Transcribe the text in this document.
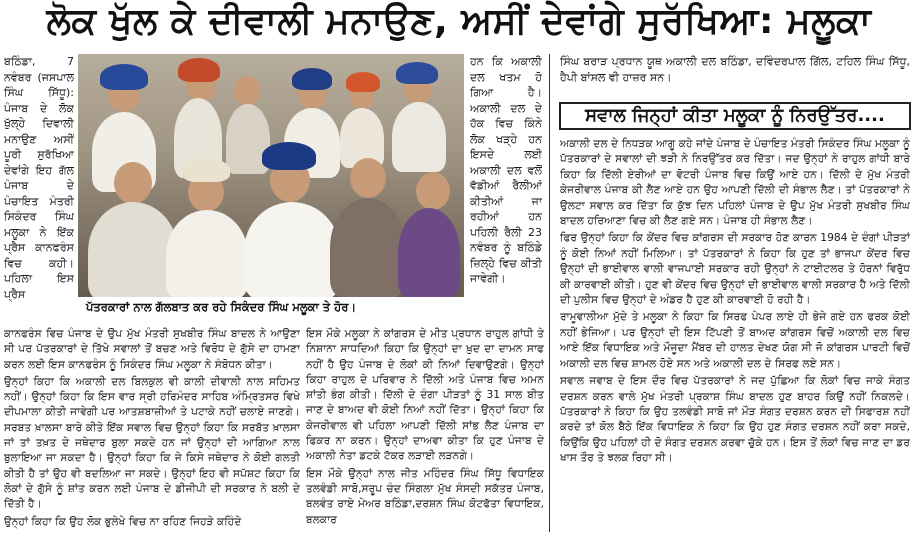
ਲੋਕ ਖੁੱਲ ਕੇ ਦੀਵਾਲੀ ਮਨਾਉਣ, ਅਸੀਂ ਦੇਵਾਂਗੇ ਸੁਰੱਖਿਆ: ਮਲੂਕਾ

ਬਠਿੰਡਾ, 7 ਨਵੰਬਰ (ਜਸਪਾਲ ਸਿੰਘ ਸਿੱਧੂ): ਪੰਜਾਬ ਦੇ ਲੋਕ ਖੁੱਲ੍ਹੇ ਦਿਵਾਲੀ ਮਨਾਉਣ ਅਸੀਂ ਪੂਰੀ ਸੁਰੱਖਿਆ ਦੇਵਾਂਗੇ ਇਹ ਗੱਲ ਪੰਜਾਬ ਦੇ ਪੰਚਾਇਤ ਮੰਤਰੀ ਸਿਕੰਦਰ ਸਿੰਘ ਮਲੂਕਾ ਨੇ ਇੱਕ ਪ੍ਰੈਸ ਕਾਨਫਰੰਸ ਵਿਚ ਕਹੀ। ਪਹਿਲਾ ਇਸ ਪ੍ਰੈਸ

ਪੱਤਰਕਾਰਾਂ ਨਾਲ ਗੱਲਬਾਤ ਕਰ ਰਹੇ ਸਿਕੰਦਰ ਸਿੰਘ ਮਲੂਕਾ ਤੇ ਹੋਰ।

ਹਨ ਕਿ ਅਕਾਲੀ ਦਲ ਖਤਮ ਹੋ ਗਿਆ ਹੈ। ਅਕਾਲੀ ਦਲ ਦੇ ਹੱਕ ਵਿਚ ਕਿੰਨੇ ਲੋਕ ਖੜ੍ਹੇ ਹਨ ਇਸਦੇ ਲਈ ਅਕਾਲੀ ਦਲ ਵਲੋਂ ਵੱਡੀਆਂ ਰੈਲੀਆਂ ਕੀਤੀਆਂ ਜਾ ਰਹੀਆਂ ਹਨ ਪਹਿਲੀ ਰੈਲੀ 23 ਨਵੰਬਰ ਨੂੰ ਬਠਿੰਡੇ ਜ਼ਿਲ੍ਹੇ ਵਿਚ ਕੀਤੀ ਜਾਵੇਗੀ।

ਸਿੰਘ ਬਰਾੜ ਪ੍ਰਧਾਨ ਯੂਥ ਅਕਾਲੀ ਦਲ ਬਠਿੰਡਾ, ਦਵਿੰਦਰਪਾਲ ਗਿੱਲ, ਟਹਿਲ ਸਿੰਘ ਸਿੱਧੂ, ਹੈਪੀ ਬਾਂਸਲ ਵੀ ਹਾਜ਼ਰ ਸਨ।

ਸਵਾਲ ਜਿਨ੍ਹਾਂ ਕੀਤਾ ਮਲੂਕਾ ਨੂੰ ਨਿਰਉੱਤਰ....

ਅਕਾਲੀ ਦਲ ਦੇ ਨਿਧੜਕ ਆਗੂ ਕਹੇ ਜਾਂਦੇ ਪੰਜਾਬ ਦੇ ਪੰਚਾਇਤ ਮੰਤਰੀ ਸਿਕੰਦਰ ਸਿੰਘ ਮਲੂਕਾ ਨੂੰ ਪੱਤਰਕਾਰਾਂ ਦੇ ਸਵਾਲਾਂ ਦੀ ਝੜੀ ਨੇ ਨਿਰਉੱਤਰ ਕਰ ਦਿੱਤਾ। ਜਦ ਉਨ੍ਹਾਂ ਨੇ ਰਾਹੁਲ ਗਾਂਧੀ ਬਾਰੇ ਕਿਹਾ ਕਿ ਦਿੱਲੀ ਏਰੀਆਂ ਦਾ ਵੋਟਰੀ ਪੰਜਾਬ ਵਿਚ ਕਿਉਂ ਆਏ ਹਨ। ਦਿੱਲੀ ਦੇ ਮੁੱਖ ਮੰਤਰੀ ਕੇਜਰੀਵਾਲ ਪੰਜਾਬ ਕੀ ਲੈਣ ਆਏ ਹਨ ਉਹ ਆਪਣੀ ਦਿੱਲੀ ਦੀ ਸੰਭਾਲ ਲੈਣ। ਤਾਂ ਪੱਤਰਕਾਰਾਂ ਨੇ ਉਲਟਾ ਸਵਾਲ ਕਰ ਦਿੱਤਾ ਕਿ ਕੁੱਝ ਦਿਨ ਪਹਿਲਾਂ ਪੰਜਾਬ ਦੇ ਉਪ ਮੁੱਖ ਮੰਤਰੀ ਸੁਖਬੀਰ ਸਿੰਘ ਬਾਦਲ ਹਰਿਆਣਾ ਵਿਚ ਕੀ ਲੈਣ ਗਏ ਸਨ। ਪੰਜਾਬ ਹੀ ਸੰਭਾਲ ਲੈਣ।

ਫਿਰ ਉਨ੍ਹਾਂ ਕਿਹਾ ਕਿ ਕੇਂਦਰ ਵਿਚ ਕਾਂਗਰਸ ਦੀ ਸਰਕਾਰ ਹੋਣ ਕਾਰਨ 1984 ਦੇ ਦੰਗਾਂ ਪੀੜਤਾਂ ਨੂੰ ਕੋਈ ਨਿਆਂ ਨਹੀਂ ਮਿਲਿਆ। ਤਾਂ ਪੱਤਰਕਾਰਾਂ ਨੇ ਕਿਹਾ ਕਿ ਹੁਣ ਤਾਂ ਭਾਜਪਾ ਕੇਂਦਰ ਵਿਚ ਉਨ੍ਹਾਂ ਦੀ ਭਾਈਵਾਲ ਵਾਲੀ ਵਾਜਪਾਈ ਸਰਕਾਰ ਰਹੀ ਉਨ੍ਹਾਂ ਨੇ ਟਾਈਟਲਰ ਤੇ ਹੋਰਨਾਂ ਵਿਰੁੱਧ ਕੀ ਕਾਰਵਾਈ ਕੀਤੀ। ਹੁਣ ਵੀ ਕੇਂਦਰ ਵਿਚ ਉਨ੍ਹਾਂ ਦੀ ਭਾਈਵਾਲ ਵਾਲੀ ਸਰਕਾਰ ਹੈ ਅਤੇ ਦਿੱਲੀ ਦੀ ਪੁਲੀਸ ਵਿਚ ਉਨ੍ਹਾਂ ਦੇ ਅੰਡਰ ਹੈ ਹੁਣ ਕੀ ਕਾਰਵਾਈ ਹੋ ਰਹੀ ਹੈ।

ਰਾਮੂਵਾਲੀਆ ਮੁੱਦੇ ਤੇ ਮਲੂਕਾ ਨੇ ਕਿਹਾ ਕਿ ਸਿਰਫ ਪੇਪਰ ਲਾਏ ਹੀ ਭੇਜੇ ਗਏ ਹਨ ਫਰਕ ਕੋਈ ਨਹੀਂ ਭੇਜਿਆ। ਪਰ ਉਨ੍ਹਾਂ ਦੀ ਇਸ ਟਿੱਪਣੀ ਤੋਂ ਬਾਅਦ ਕਾਂਗਰਸ ਵਿਚੋਂ ਅਕਾਲੀ ਦਲ ਵਿਚ ਆਏ ਇੱਕ ਵਿਧਾਇਕ ਅਤੇ ਮੌਜੂਦਾ ਮੈਂਬਰ ਦੀ ਹਾਲਤ ਦੇਖਣ ਯੋਗ ਸੀ ਜੋ ਕਾਂਗਰਸ ਪਾਰਟੀ ਵਿਚੋਂ ਅਕਾਲੀ ਦਲ ਵਿਚ ਸ਼ਾਮਲ ਹੋਏ ਸਨ ਅਤੇ ਅਕਾਲੀ ਦਲ ਦੇ ਸਿਰਫ ਲਏ ਸਨ।

ਸਵਾਲ ਜਵਾਬ ਦੇ ਇਸ ਦੌਰ ਵਿਚ ਪੱਤਰਕਾਰਾਂ ਨੇ ਜਦ ਪੁੱਛਿਆ ਕਿ ਲੋਕਾਂ ਵਿਚ ਜਾਕੇ ਸੰਗਤ ਦਰਸ਼ਨ ਕਰਨ ਵਾਲੇ ਮੁੱਖ ਮੰਤਰੀ ਪ੍ਰਕਾਸ਼ ਸਿੰਘ ਬਾਦਲ ਹੁਣ ਬਾਹਰ ਕਿਉਂ ਨਹੀਂ ਨਿਕਲਦੇ। ਪੱਤਰਕਾਰਾਂ ਨੇ ਕਿਹਾ ਕਿ ਉਹ ਤਲਵੰਡੀ ਸਾਬੋ ਜਾਂ ਮੌੜ ਸੰਗਤ ਦਰਸ਼ਨ ਕਰਨ ਦੀ ਸਿਫਾਰਸ਼ ਨਹੀਂ ਕਰਦੇ ਤਾਂ ਕੋਲ ਬੈਠੇ ਇੱਕ ਵਿਧਾਇਕ ਨੇ ਕਿਹਾ ਕਿ ਉਹ ਹੁਣ ਸੰਗਤ ਦਰਸ਼ਨ ਨਹੀਂ ਕਰਾ ਸਕਦੇ, ਕਿਉਂਕਿ ਉਹ ਪਹਿਲਾਂ ਹੀ ਦੋ ਸੰਗਤ ਦਰਸ਼ਨ ਕਰਵਾ ਚੁੱਕੇ ਹਨ। ਇਸ ਤੋਂ ਲੋਕਾਂ ਵਿਚ ਜਾਣ ਦਾ ਡਰ ਖਾਸ ਤੌਰ ਤੇ ਝਲਕ ਰਿਹਾ ਸੀ।

ਕਾਨਫਰੰਸ ਵਿਚ ਪੰਜਾਬ ਦੇ ਉਪ ਮੁੱਖ ਮੰਤਰੀ ਸੁਖਬੀਰ ਸਿੰਘ ਬਾਦਲ ਨੇ ਆਉਣਾ ਸੀ ਪਰ ਪੱਤਰਕਾਰਾਂ ਦੇ ਤਿੱਖੇ ਸਵਾਲਾਂ ਤੋਂ ਬਚਣ ਅਤੇ ਵਿਰੋਧ ਦੇ ਗੁੱਸੇ ਦਾ ਹਾਮਣਾ ਕਰਨ ਲਈ ਇਸ ਕਾਨਫਰੰਸ ਨੂੰ ਸਿਕੰਦਰ ਸਿੰਘ ਮਲੂਕਾ ਨੇ ਸੰਬੋਧਨ ਕੀਤਾ।

ਉਨ੍ਹਾਂ ਕਿਹਾ ਕਿ ਅਕਾਲੀ ਦਲ ਬਿਲਕੁਲ ਵੀ ਕਾਲੀ ਦੀਵਾਲੀ ਨਾਲ ਸਹਿਮਤ ਨਹੀਂ। ਉਨ੍ਹਾਂ ਕਿਹਾ ਕਿ ਇਸ ਵਾਰ ਸ੍ਰੀ ਹਰਿਮੰਦਰ ਸਾਹਿਬ ਅੰਮ੍ਰਿਤਸਰ ਵਿਖੇ ਦੀਪਮਾਲਾ ਕੀਤੀ ਜਾਵੇਗੀ ਪਰ ਆਤਸ਼ਬਾਜ਼ੀਆਂ ਤੇ ਪਟਾਕੇ ਨਹੀਂ ਚਲਾਏ ਜਾਣਗੇ। ਸਰਬਤ ਖ਼ਾਲਸਾ ਬਾਰੇ ਕੀਤੇ ਇੱਕ ਸਵਾਲ ਵਿਚ ਉਨ੍ਹਾਂ ਕਿਹਾ ਕਿ ਸਰਬੱਤ ਖ਼ਾਲਸਾ ਜਾਂ ਤਾਂ ਤਖ਼ਤ ਦੇ ਜਥੇਦਾਰ ਬੁਲਾ ਸਕਦੇ ਹਨ ਜਾਂ ਉਨ੍ਹਾਂ ਦੀ ਆਗਿਆ ਨਾਲ ਬੁਲਾਇਆ ਜਾ ਸਕਦਾ ਹੈ। ਉਨ੍ਹਾਂ ਕਿਹਾ ਕਿ ਜੇ ਕਿਸੇ ਜਥੇਦਾਰ ਨੇ ਕੋਈ ਗਲਤੀ ਕੀਤੀ ਹੈ ਤਾਂ ਉਹ ਵੀ ਬਦਲਿਆ ਜਾ ਸਕਦੇ। ਉਨ੍ਹਾਂ ਇਹ ਵੀ ਸਪੱਸ਼ਟ ਕਿਹਾ ਕਿ ਲੋਕਾਂ ਦੇ ਗੁੱਸੇ ਨੂੰ ਸ਼ਾਂਤ ਕਰਨ ਲਈ ਪੰਜਾਬ ਦੇ ਡੀਜੀਪੀ ਦੀ ਸਰਕਾਰ ਨੇ ਬਲੀ ਦੇ ਦਿੱਤੀ ਹੈ।

ਉਨ੍ਹਾਂ ਕਿਹਾ ਕਿ ਉਹ ਲੋਕ ਭੁਲੇਖੇ ਵਿਚ ਨਾ ਰਹਿਣ ਜਿਹੜੇ ਕਹਿੰਦੇ

ਇਸ ਮੌਕੇ ਮਲੂਕਾ ਨੇ ਕਾਂਗਰਸ ਦੇ ਮੀਤ ਪ੍ਰਧਾਨ ਰਾਹੁਲ ਗਾਂਧੀ ਤੇ ਨਿਸ਼ਾਨਾ ਸਾਧਦਿਆਂ ਕਿਹਾ ਕਿ ਉਨ੍ਹਾਂ ਦਾ ਖ਼ੁਦ ਦਾ ਦਾਮਨ ਸਾਫ ਨਹੀਂ ਹੈ ਉਹ ਪੰਜਾਬ ਦੇ ਲੋਕਾਂ ਕੀ ਨਿਆਂ ਦਿਵਾਉਣਗੇ। ਉਨ੍ਹਾਂ ਕਿਹਾ ਰਾਹੁਲ ਦੇ ਪਰਿਵਾਰ ਨੇ ਦਿੱਲੀ ਅਤੇ ਪੰਜਾਬ ਵਿਚ ਅਮਨ ਸ਼ਾਂਤੀ ਭੰਗ ਕੀਤੀ। ਦਿੱਲੀ ਦੇ ਦੰਗਾ ਪੀੜਤਾਂ ਨੂੰ 31 ਸਾਲ ਬੀਤ ਜਾਣ ਦੇ ਬਾਅਦ ਵੀ ਕੋਈ ਨਿਆਂ ਨਹੀਂ ਦਿੱਤਾ। ਉਨ੍ਹਾਂ ਕਿਹਾ ਕਿ ਕੇਜਰੀਵਾਲ ਵੀ ਪਹਿਲਾ ਆਪਣੀ ਦਿੱਲੀ ਸਾਂਭ ਲੈਣ ਪੰਜਾਬ ਦਾ ਫਿਕਰ ਨਾ ਕਰਨ। ਉਨ੍ਹਾਂ ਦਾਅਵਾ ਕੀਤਾ ਕਿ ਹੁਣ ਪੰਜਾਬ ਦੇ ਅਕਾਲੀ ਨੇਤਾ ਡਟਕੇ ਟੱਕਰ ਲੜਾਈ ਲੜਨਗੇ।

ਇਸ ਮੌਕੇ ਉਨ੍ਹਾਂ ਨਾਲ ਜੀਤ ਮਹਿੰਦਰ ਸਿੰਘ ਸਿੱਧੂ ਵਿਧਾਇਕ ਤਲਵੰਡੀ ਸਾਬੋ,ਸਰੂਪ ਚੰਦ ਸਿੰਗਲਾ ਮੁੱਖ ਸੰਸਦੀ ਸਕੱਤਰ ਪੰਜਾਬ, ਬਲਵੰਤ ਰਾਏ ਮੇਅਰ ਬਠਿੰਡਾ,ਦਰਸ਼ਨ ਸਿੰਘ ਕੋਟਫੱਤਾ ਵਿਧਾਇਕ, ਬਲਕਾਰ
